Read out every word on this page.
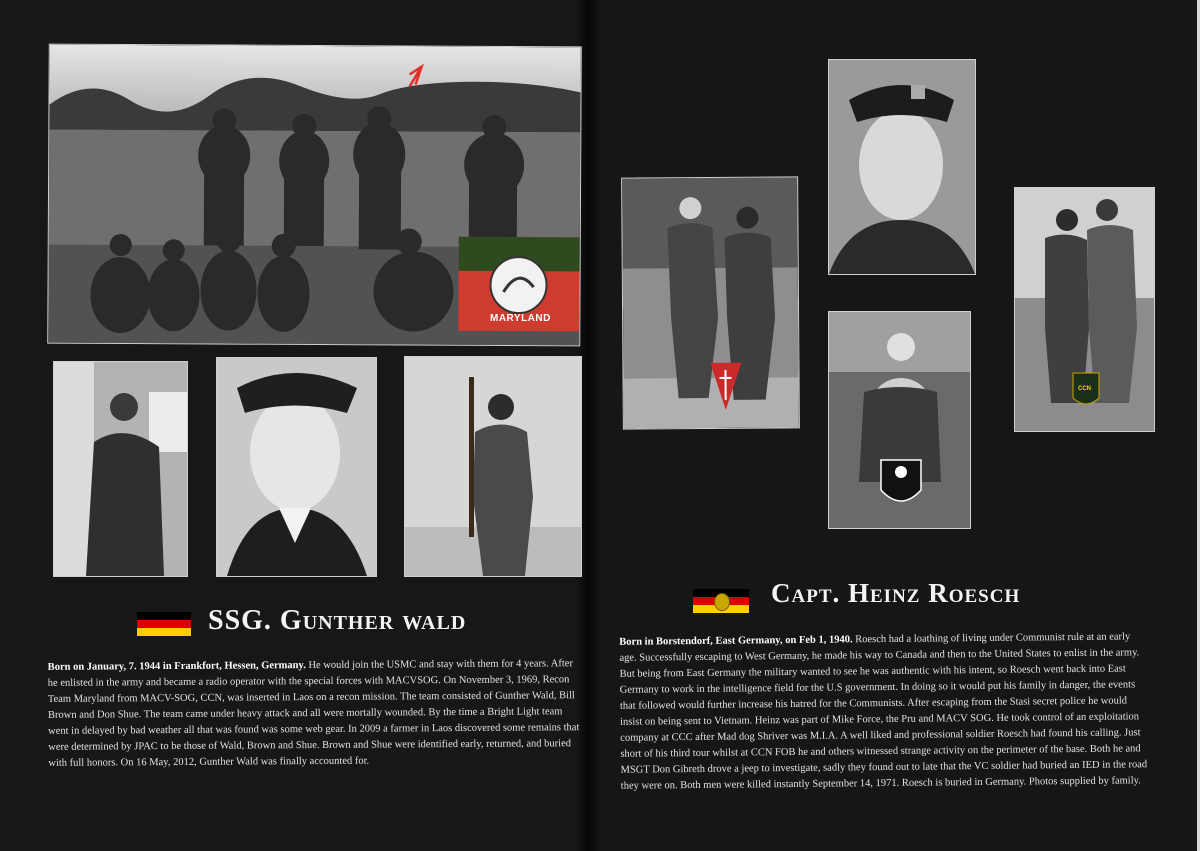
MARYLAND
SSG. Gunther wald
Born on January, 7. 1944 in Frankfort, Hessen, Germany. He would join the USMC and stay with them for 4 years. After he enlisted in the army and became a radio operator with the special forces with MACVSOG. On November 3, 1969, Recon Team Maryland from MACV-SOG, CCN, was inserted in Laos on a recon mission. The team consisted of Gunther Wald, Bill Brown and Don Shue. The team came under heavy attack and all were mortally wounded. By the time a Bright Light team went in delayed by bad weather all that was found was some web gear. In 2009 a farmer in Laos discovered some remains that were determined by JPAC to be those of Wald, Brown and Shue. Brown and Shue were identified early, returned, and buried with full honors. On 16 May, 2012, Gunther Wald was finally accounted for.
CCN
Capt. Heinz Roesch
Born in Borstendorf, East Germany, on Feb 1, 1940. Roesch had a loathing of living under Communist rule at an early age. Successfully escaping to West Germany, he made his way to Canada and then to the United States to enlist in the army. But being from East Germany the military wanted to see he was authentic with his intent, so Roesch went back into East Germany to work in the intelligence field for the U.S government. In doing so it would put his family in danger, the events that followed would further increase his hatred for the Communists. After escaping from the Stasi secret police he would insist on being sent to Vietnam. Heinz was part of Mike Force, the Pru and MACV SOG. He took control of an exploitation company at CCC after Mad dog Shriver was M.I.A. A well liked and professional soldier Roesch had found his calling. Just short of his third tour whilst at CCN FOB he and others witnessed strange activity on the perimeter of the base. Both he and MSGT Don Gibreth drove a jeep to investigate, sadly they found out to late that the VC soldier had buried an IED in the road they were on. Both men were killed instantly September 14, 1971. Roesch is buried in Germany. Photos supplied by family.
